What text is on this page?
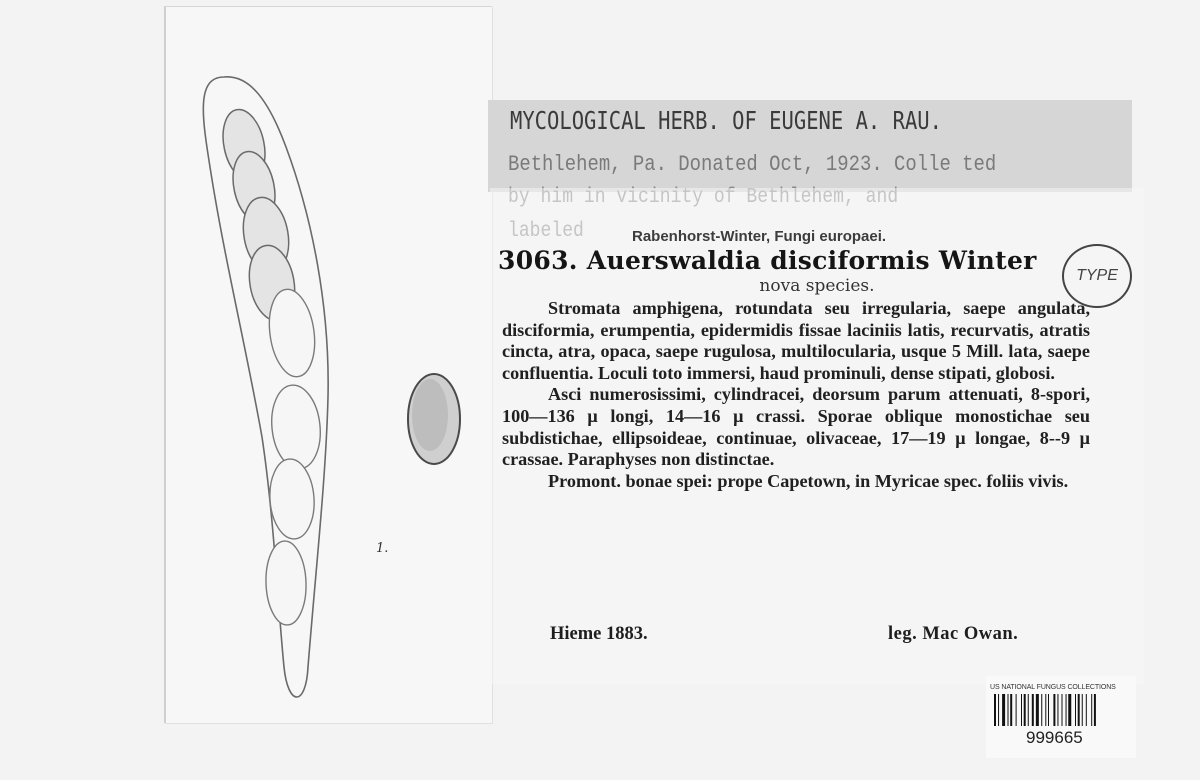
1.
MYCOLOGICAL HERB. OF EUGENE A. RAU.
Bethlehem, Pa. Donated Oct, 1923. Colle ted
Rabenhorst-Winter, Fungi europaei.
3063. Auerswaldia disciformis Winter
nova species.

Stromata amphigena, rotundata seu irregularia, saepe angulata, disciformia, erumpentia, epidermidis fissae laciniis latis, recurvatis, atratis cincta, atra, opaca, saepe rugulosa, multilocularia, usque 5 Mill. lata, saepe confluentia. Loculi toto immersi, haud prominuli, dense stipati, globosi.

Asci numerosissimi, cylindracei, deorsum parum attenuati, 8-spori, 100—136 μ longi, 14—16 μ crassi. Sporae oblique monostichae seu subdistichae, ellipsoideae, continuae, olivaceae, 17—19 μ longae, 8--9 μ crassae. Paraphyses non distinctae.

Promont. bonae spei: prope Capetown, in Myricae spec. foliis vivis.

Hieme 1883.	leg. Mac Owan.
TYPE
US NATIONAL FUNGUS COLLECTIONS
999665
